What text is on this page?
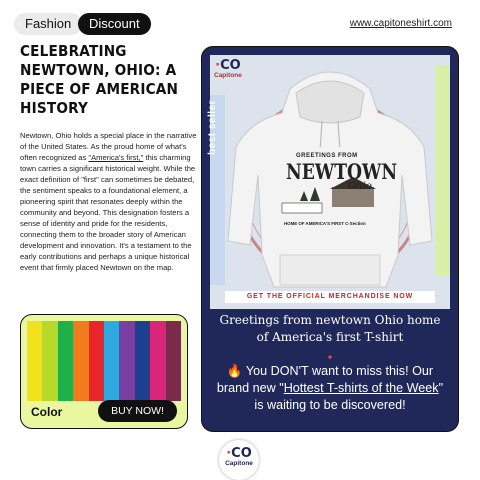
Fashion	Discount	www.capitoneshirt.com
CELEBRATING NEWTOWN, OHIO: A PIECE OF AMERICAN HISTORY

Newtown, Ohio holds a special place in the narrative of the United States. As the proud home of what's often recognized as "America's first," this charming town carries a significant historical weight. While the exact definition of "first" can sometimes be debated, the sentiment speaks to a foundational element, a pioneering spirit that resonates deeply within the community and beyond. This designation fosters a sense of identity and pride for the residents, connecting them to the broader story of American development and innovation. It's a testament to the early contributions and perhaps a unique historical event that firmly placed Newtown on the map.

Color	BUY NOW!
·CO
Capitone
GREETINGS FROM
NEWTOWN
Ohio
HOME OF AMERICA'S FIRST C-Section
best seller
100% cotton
GET THE OFFICIAL MERCHANDISE NOW
Greetings from newtown Ohio home of America's first T-shirt
✦
🔥 You DON'T want to miss this! Our brand new "Hottest T-shirts of the Week" is waiting to be discovered!
·CO
Capitone
